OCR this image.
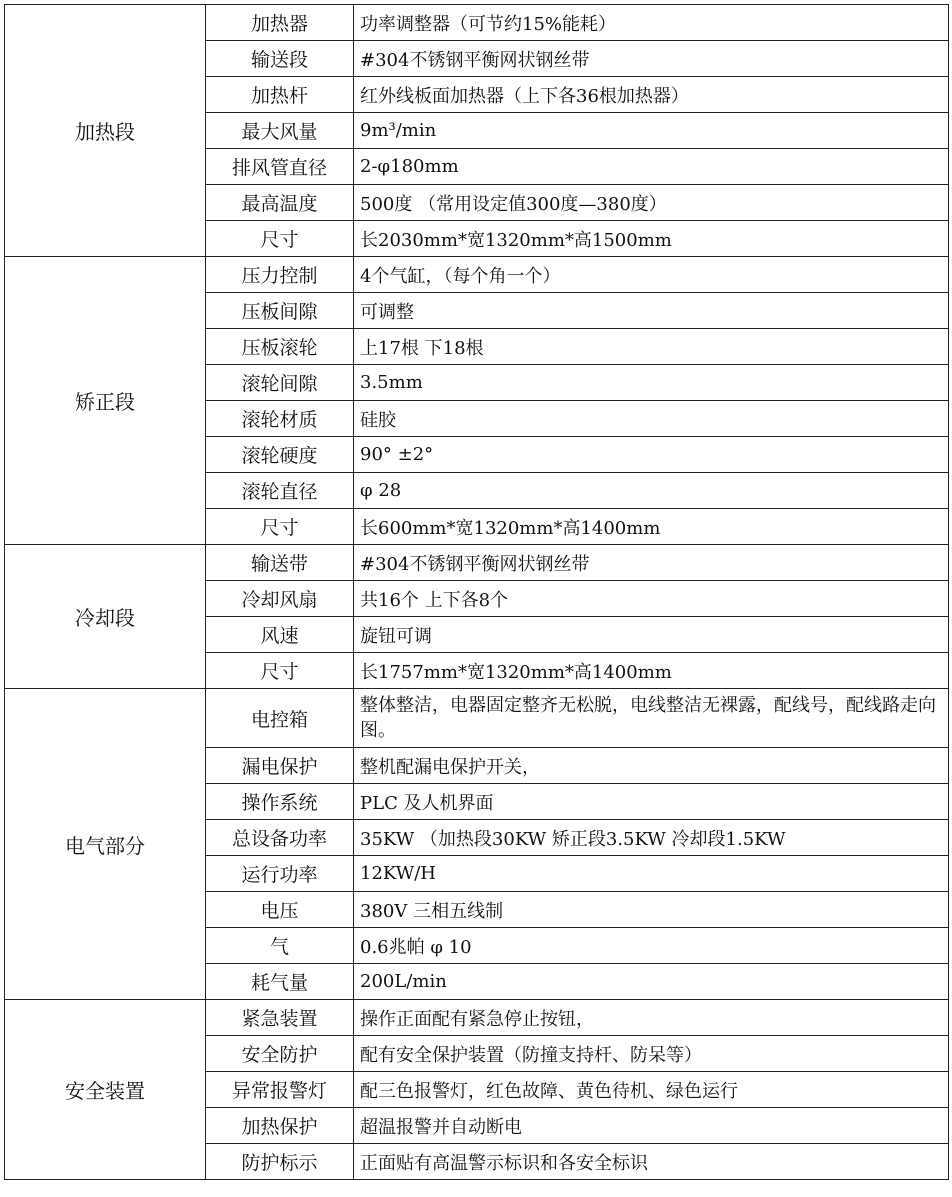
加热段	加热器	功率调整器（可节约15%能耗）
	输送段	#304不锈钢平衡网状钢丝带
	加热杆	红外线板面加热器（上下各36根加热器）
	最大风量	9m³/min
	排风管直径	2-φ180mm
	最高温度	500度 （常用设定值300度—380度）
	尺寸	长2030mm*宽1320mm*高1500mm
矫正段	压力控制	4个气缸，（每个角一个）
	压板间隙	可调整
	压板滚轮	上17根 下18根
	滚轮间隙	3.5mm
	滚轮材质	硅胶
	滚轮硬度	90° ±2°
	滚轮直径	φ 28
	尺寸	长600mm*宽1320mm*高1400mm
冷却段	输送带	#304不锈钢平衡网状钢丝带
	冷却风扇	共16个 上下各8个
	风速	旋钮可调
	尺寸	长1757mm*宽1320mm*高1400mm
电气部分	电控箱	整体整洁，电器固定整齐无松脱，电线整洁无裸露，配线号，配线路走向图。
	漏电保护	整机配漏电保护开关，
	操作系统	PLC 及人机界面
	总设备功率	35KW （加热段30KW 矫正段3.5KW 冷却段1.5KW
	运行功率	12KW/H
	电压	380V 三相五线制
	气	0.6兆帕 φ 10
	耗气量	200L/min
安全装置	紧急装置	操作正面配有紧急停止按钮，
	安全防护	配有安全保护装置（防撞支持杆、防呆等）
	异常报警灯	配三色报警灯，红色故障、黄色待机、绿色运行
	加热保护	超温报警并自动断电
	防护标示	正面贴有高温警示标识和各安全标识
